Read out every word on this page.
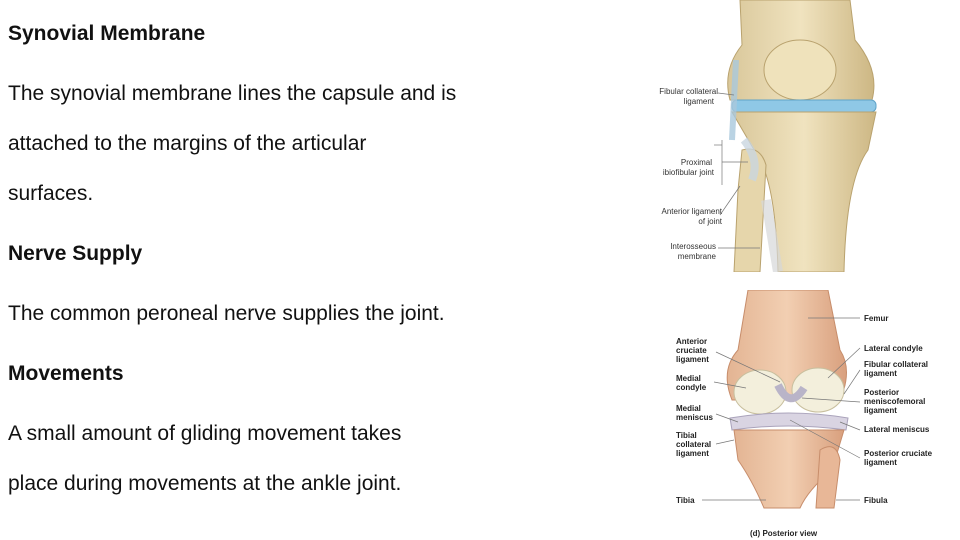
Synovial Membrane
The synovial membrane lines the capsule and is
attached to the margins of the articular
surfaces.
Nerve Supply
The common peroneal nerve supplies the joint.
Movements
A small amount of gliding movement takes
place during movements at the ankle joint.
Fibular collateral
ligament
Proximal
ibiofibular joint
Anterior ligament
of joint
Interosseous
membrane
Anterior
cruciate
ligament
Medial
condyle
Medial
meniscus
Tibial
collateral
ligament
Tibia
Femur
Lateral condyle
Fibular collateral
ligament
Posterior
meniscofemoral
ligament
Lateral meniscus
Posterior cruciate
ligament
Fibula
(d) Posterior view
